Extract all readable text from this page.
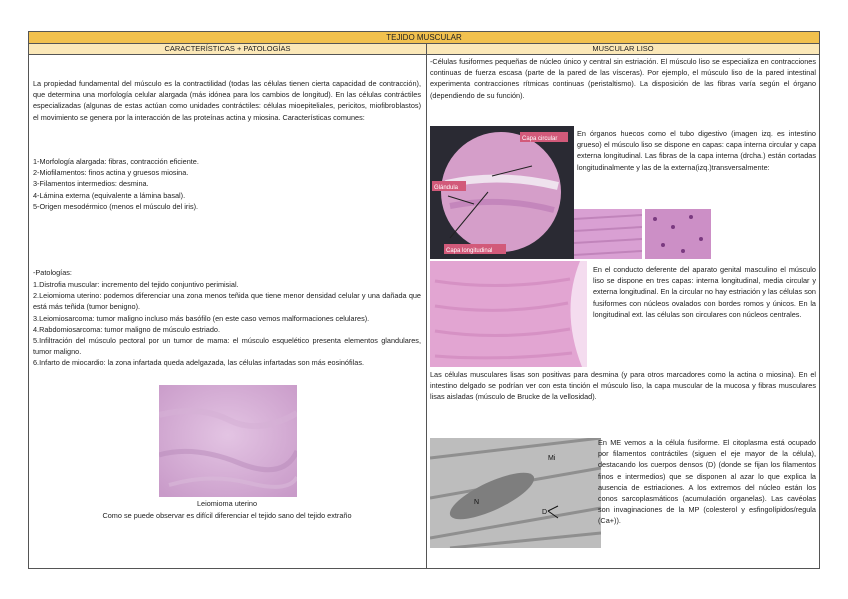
TEJIDO MUSCULAR
CARACTERÍSTICAS + PATOLOGÍAS	MUSCULAR LISO

La propiedad fundamental del músculo es la contractilidad (todas las células tienen cierta capacidad de contracción), que determina una morfología celular alargada (más idónea para los cambios de longitud). En las células contráctiles especializadas (algunas de estas actúan como unidades contráctiles: células mioepiteliales, pericitos, miofibroblastos) el movimiento se genera por la interacción de las proteínas actina y miosina. Características comunes:

1-Morfología alargada: fibras, contracción eficiente.

2-Miofilamentos: finos actina y gruesos miosina.

3-Filamentos intermedios: desmina.

4-Lámina externa (equivalente a lámina basal).

5-Origen mesodérmico (menos el músculo del iris).

-Patologías:

1.Distrofia muscular: incremento del tejido conjuntivo perimisial.

2.Leiomioma uterino: podemos diferenciar una zona menos teñida que tiene menor densidad celular y una dañada que está más teñida (tumor benigno).

3.Leiomiosarcoma: tumor maligno incluso más basófilo (en este caso vemos malformaciones celulares).

4.Rabdomiosarcoma: tumor maligno de músculo estriado.

5.Infiltración del músculo pectoral por un tumor de mama: el músculo esquelético presenta elementos glandulares, tumor maligno.

6.Infarto de miocardio: la zona infartada queda adelgazada, las células infartadas son más eosinófilas.

Leiomioma uterino

Como se puede observar es difícil diferenciar el tejido sano del tejido extraño

-Células fusiformes pequeñas de núcleo único y central sin estriación. El músculo liso se especializa en contracciones continuas de fuerza escasa (parte de la pared de las vísceras). Por ejemplo, el músculo liso de la pared intestinal experimenta contracciones rítmicas continuas (peristaltismo). La disposición de las fibras varía según el órgano (dependiendo de su función).

Capa circular
Glándula
Capa longitudinal

En órganos huecos como el tubo digestivo (imagen izq. es intestino grueso) el músculo liso se dispone en capas: capa interna circular y capa externa longitudinal. Las fibras de la capa interna (drcha.) están cortadas longitudinalmente y las de la externa(izq.)transversalmente:

En el conducto deferente del aparato genital masculino el músculo liso se dispone en tres capas: interna longitudinal, media circular y externa longitudinal. En la circular no hay estriación y las células son fusiformes con núcleos ovalados con bordes romos y únicos. En la longitudinal ext. las células son circulares con núcleos centrales.

Las células musculares lisas son positivas para desmina (y para otros marcadores como la actina o miosina). En el intestino delgado se podrían ver con esta tinción el músculo liso, la capa muscular de la mucosa y fibras musculares lisas aisladas (músculo de Brucke de la vellosidad).

Mi
N
D

En ME vemos a la célula fusiforme. El citoplasma está ocupado por filamentos contráctiles (siguen el eje mayor de la célula), destacando los cuerpos densos (D) (donde se fijan los filamentos finos e intermedios) que se disponen al azar lo que explica la ausencia de estriaciones. A los extremos del núcleo están los conos sarcoplasmáticos (acumulación organelas). Las cavéolas son invaginaciones de la MP (colesterol y esfingolípidos/regula (Ca+)).
